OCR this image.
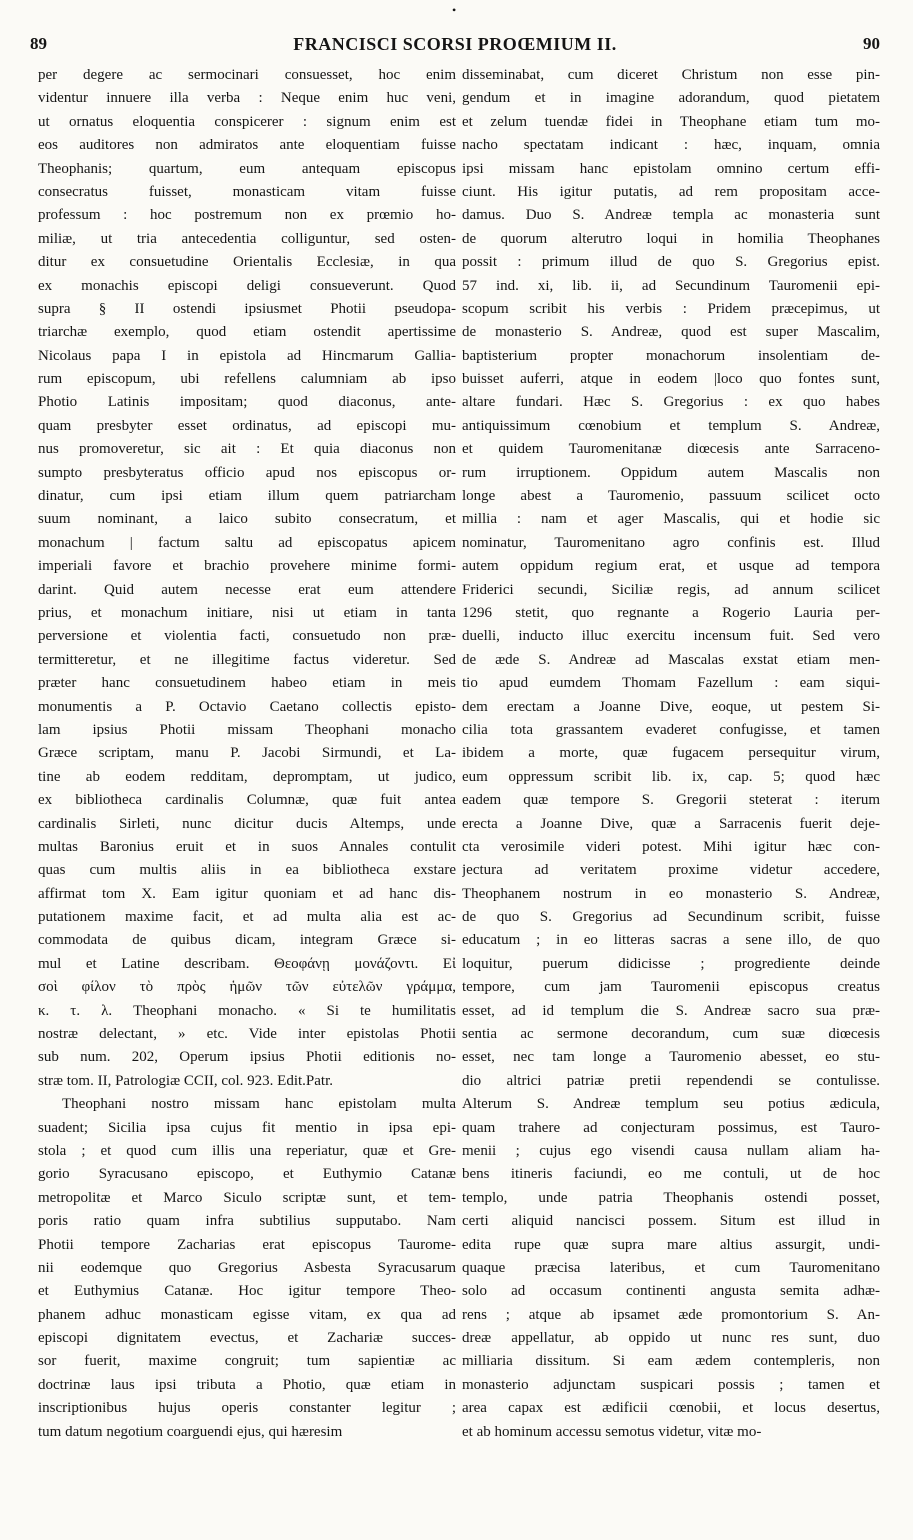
•
89	FRANCISCI SCORSI PROŒMIUM II.	90
per degere ac sermocinari consuesset, hoc enim
videntur innuere illa verba : Neque enim huc veni,
ut ornatus eloquentia conspicerer : signum enim est
eos auditores non admiratos ante eloquentiam fuisse
Theophanis; quartum, eum antequam episcopus
consecratus fuisset, monasticam vitam fuisse
professum : hoc postremum non ex prœmio ho-
miliæ, ut tria antecedentia colliguntur, sed osten-
ditur ex consuetudine Orientalis Ecclesiæ, in qua
ex monachis episcopi deligi consueverunt. Quod
supra § II ostendi ipsiusmet Photii pseudopa-
triarchæ exemplo, quod etiam ostendit apertissime
Nicolaus papa I in epistola ad Hincmarum Gallia-
rum episcopum, ubi refellens calumniam ab ipso
Photio Latinis impositam; quod diaconus, ante-
quam presbyter esset ordinatus, ad episcopi mu-
nus promoveretur, sic ait : Et quia diaconus non
sumpto presbyteratus officio apud nos episcopus or-
dinatur, cum ipsi etiam illum quem patriarcham
suum nominant, a laico subito consecratum, et
monachum | factum saltu ad episcopatus apicem
imperiali favore et brachio provehere minime formi-
darint. Quid autem necesse erat eum attendere
prius, et monachum initiare, nisi ut etiam in tanta
perversione et violentia facti, consuetudo non præ-
termitteretur, et ne illegitime factus videretur. Sed
præter hanc consuetudinem habeo etiam in meis
monumentis a P. Octavio Caetano collectis episto-
lam ipsius Photii missam Theophani monacho
Græce scriptam, manu P. Jacobi Sirmundi, et La-
tine ab eodem redditam, depromptam, ut judico,
ex bibliotheca cardinalis Columnæ, quæ fuit antea
cardinalis Sirleti, nunc dicitur ducis Altemps, unde
multas Baronius eruit et in suos Annales contulit
quas cum multis aliis in ea bibliotheca exstare
affirmat tom X. Eam igitur quoniam et ad hanc dis-
putationem maxime facit, et ad multa alia est ac-
commodata de quibus dicam, integram Græce si-
mul et Latine describam. Θεοφάνῃ μονάζοντι. Εἰ
σοὶ φίλον τὸ πρὸς ἡμῶν τῶν εὐτελῶν γράμμα,
κ. τ. λ. Theophani monacho. « Si te humilitatis
nostræ delectant, » etc. Vide inter epistolas Photii
sub num. 202, Operum ipsius Photii editionis no-
stræ tom. II, Patrologiæ CCII, col. 923. Edit.Patr.
Theophani nostro missam hanc epistolam multa
suadent; Sicilia ipsa cujus fit mentio in ipsa epi-
stola ; et quod cum illis una reperiatur, quæ et Gre-
gorio Syracusano episcopo, et Euthymio Catanæ
metropolitæ et Marco Siculo scriptæ sunt, et tem-
poris ratio quam infra subtilius supputabo. Nam
Photii tempore Zacharias erat episcopus Taurome-
nii eodemque quo Gregorius Asbesta Syracusarum
et Euthymius Catanæ. Hoc igitur tempore Theo-
phanem adhuc monasticam egisse vitam, ex qua ad
episcopi dignitatem evectus, et Zachariæ succes-
sor fuerit, maxime congruit; tum sapientiæ ac
doctrinæ laus ipsi tributa a Photio, quæ etiam in
inscriptionibus hujus operis constanter legitur ;
tum datum negotium coarguendi ejus, qui hæresim
disseminabat, cum diceret Christum non esse pin-
gendum et in imagine adorandum, quod pietatem
et zelum tuendæ fidei in Theophane etiam tum mo-
nacho spectatam indicant : hæc, inquam, omnia
ipsi missam hanc epistolam omnino certum effi-
ciunt. His igitur putatis, ad rem propositam acce-
damus. Duo S. Andreæ templa ac monasteria sunt
de quorum alterutro loqui in homilia Theophanes
possit : primum illud de quo S. Gregorius epist.
57 ind. xi, lib. ii, ad Secundinum Tauromenii epi-
scopum scribit his verbis : Pridem præcepimus, ut
de monasterio S. Andreæ, quod est super Mascalim,
baptisterium propter monachorum insolentiam de-
buisset auferri, atque in eodem |loco quo fontes sunt,
altare fundari. Hæc S. Gregorius : ex quo habes
antiquissimum cœnobium et templum S. Andreæ,
et quidem Tauromenitanæ diœcesis ante Sarraceno-
rum irruptionem. Oppidum autem Mascalis non
longe abest a Tauromenio, passuum scilicet octo
millia : nam et ager Mascalis, qui et hodie sic
nominatur, Tauromenitano agro confinis est. Illud
autem oppidum regium erat, et usque ad tempora
Friderici secundi, Siciliæ regis, ad annum scilicet
1296 stetit, quo regnante a Rogerio Lauria per-
duelli, inducto illuc exercitu incensum fuit. Sed vero
de æde S. Andreæ ad Mascalas exstat etiam men-
tio apud eumdem Thomam Fazellum : eam siqui-
dem erectam a Joanne Dive, eoque, ut pestem Si-
cilia tota grassantem evaderet confugisse, et tamen
ibidem a morte, quæ fugacem persequitur virum,
eum oppressum scribit lib. ix, cap. 5; quod hæc
eadem quæ tempore S. Gregorii steterat : iterum
erecta a Joanne Dive, quæ a Sarracenis fuerit deje-
cta verosimile videri potest. Mihi igitur hæc con-
jectura ad veritatem proxime videtur accedere,
Theophanem nostrum in eo monasterio S. Andreæ,
de quo S. Gregorius ad Secundinum scribit, fuisse
educatum ; in eo litteras sacras a sene illo, de quo
loquitur, puerum didicisse ; progrediente deinde
tempore, cum jam Tauromenii episcopus creatus
esset, ad id templum die S. Andreæ sacro sua præ-
sentia ac sermone decorandum, cum suæ diœcesis
esset, nec tam longe a Tauromenio abesset, eo stu-
dio altrici patriæ pretii rependendi se contulisse.
Alterum S. Andreæ templum seu potius ædicula,
quam trahere ad conjecturam possimus, est Tauro-
menii ; cujus ego visendi causa nullam aliam ha-
bens itineris faciundi, eo me contuli, ut de hoc
templo, unde patria Theophanis ostendi posset,
certi aliquid nancisci possem. Situm est illud in
edita rupe quæ supra mare altius assurgit, undi-
quaque præcisa lateribus, et cum Tauromenitano
solo ad occasum continenti angusta semita adhæ-
rens ; atque ab ipsamet æde promontorium S. An-
dreæ appellatur, ab oppido ut nunc res sunt, duo
milliaria dissitum. Si eam ædem contempleris, non
monasterio adjunctam suspicari possis ; tamen et
area capax est ædificii cœnobii, et locus desertus,
et ab hominum accessu semotus videtur, vitæ mo-
